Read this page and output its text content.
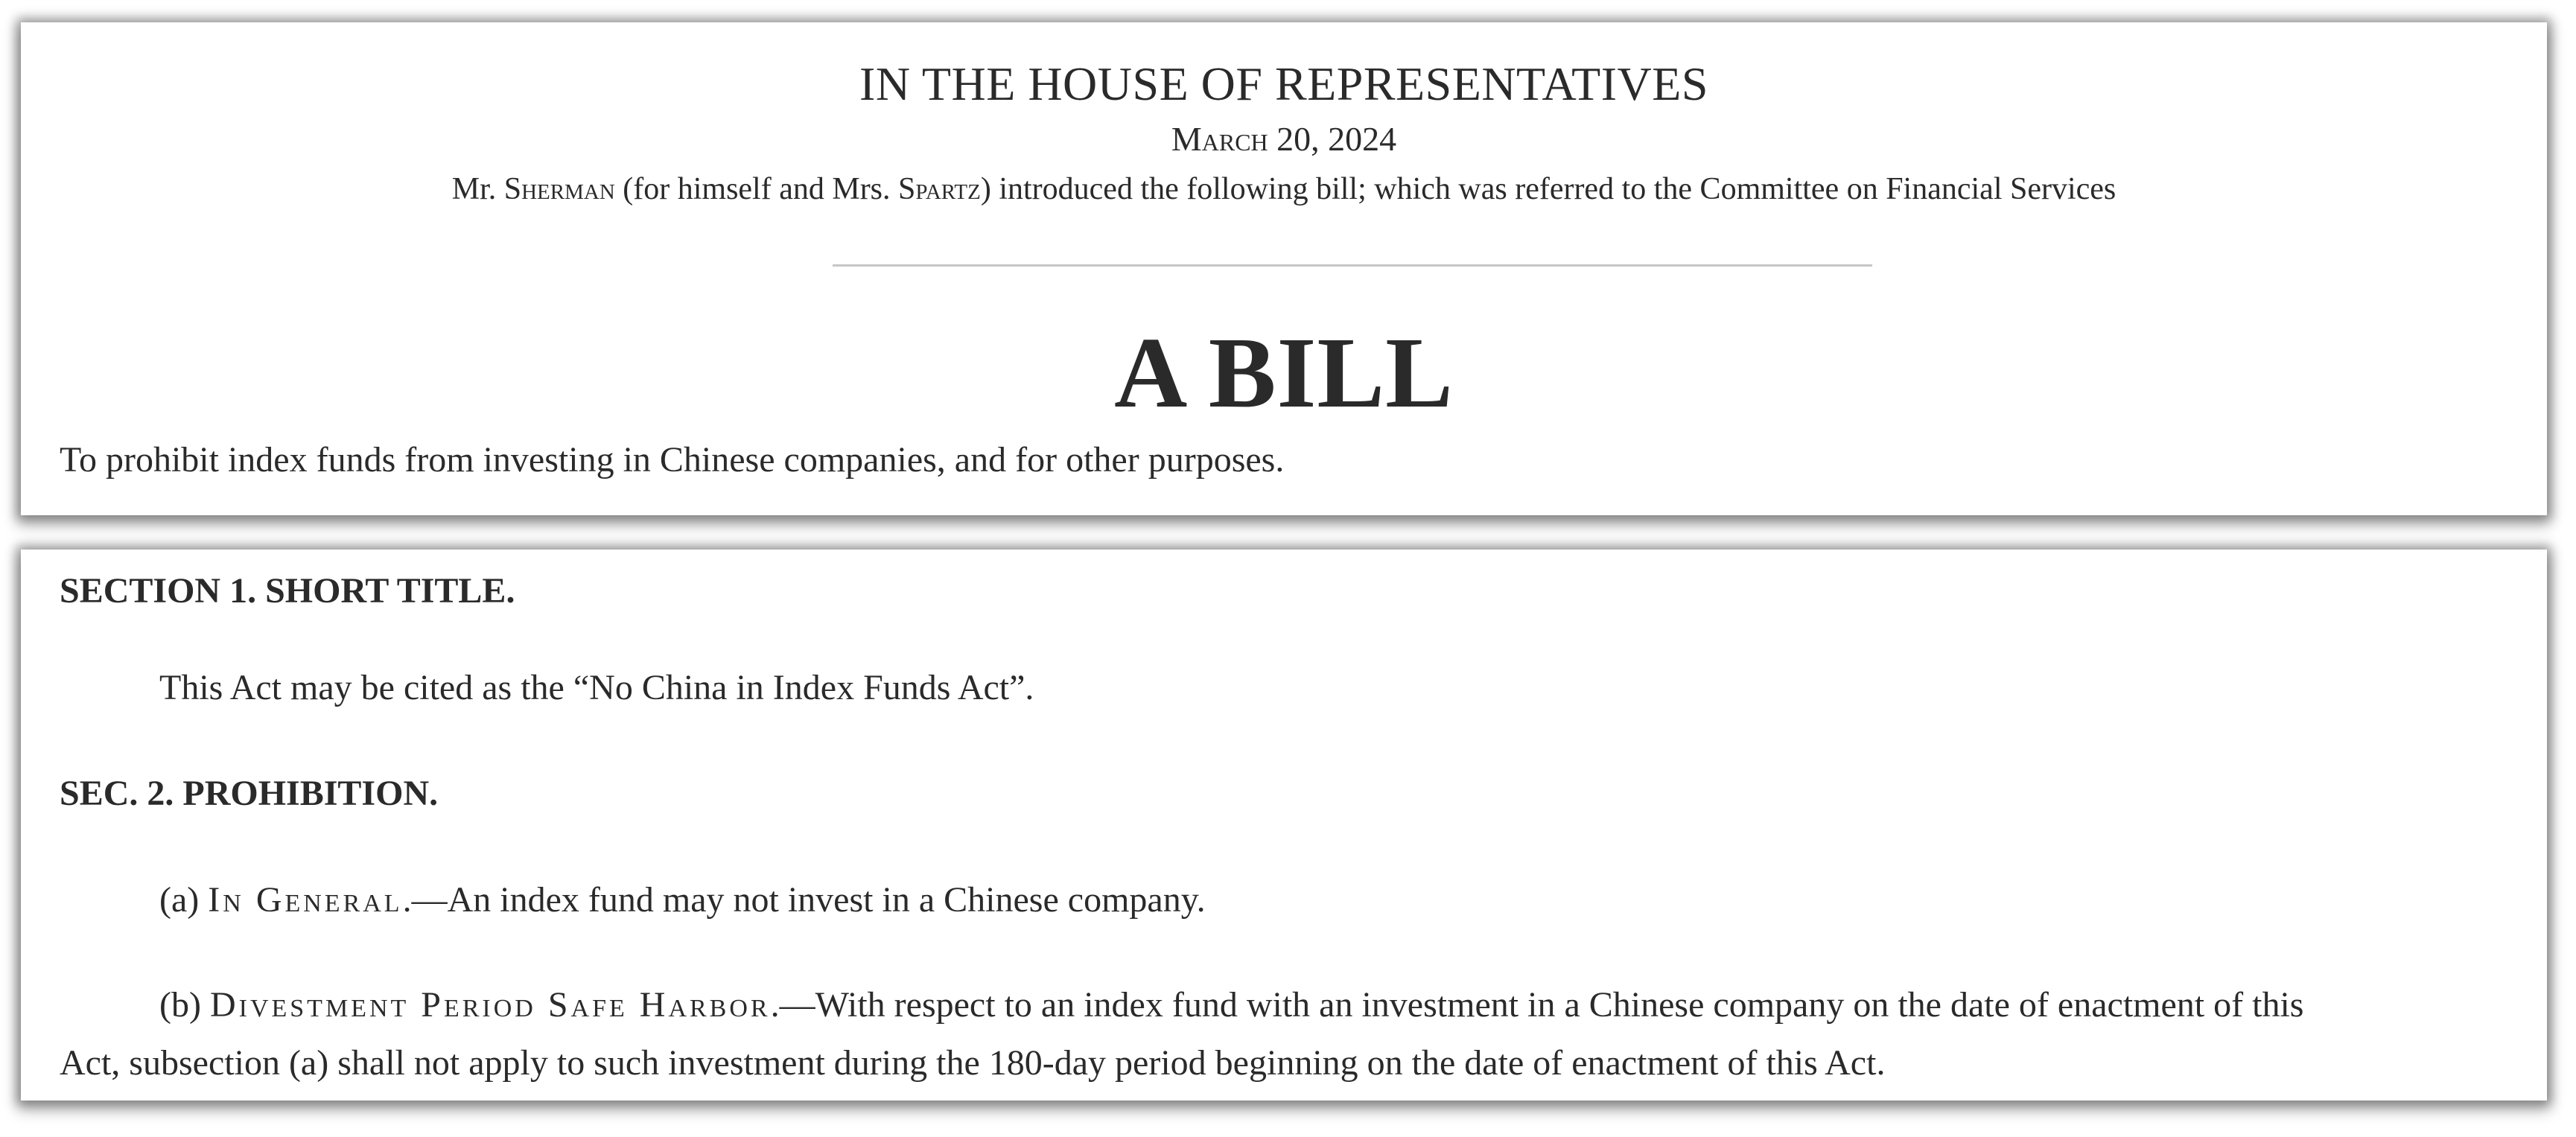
IN THE HOUSE OF REPRESENTATIVES
March 20, 2024
Mr. Sherman (for himself and Mrs. Spartz) introduced the following bill; which was referred to the Committee on Financial Services
A BILL
To prohibit index funds from investing in Chinese companies, and for other purposes.
SECTION 1. SHORT TITLE.
This Act may be cited as the “No China in Index Funds Act”.
SEC. 2. PROHIBITION.
(a) In General.—An index fund may not invest in a Chinese company.
(b) Divestment Period Safe Harbor.—With respect to an index fund with an investment in a Chinese company on the date of enactment of this
Act, subsection (a) shall not apply to such investment during the 180-day period beginning on the date of enactment of this Act.
